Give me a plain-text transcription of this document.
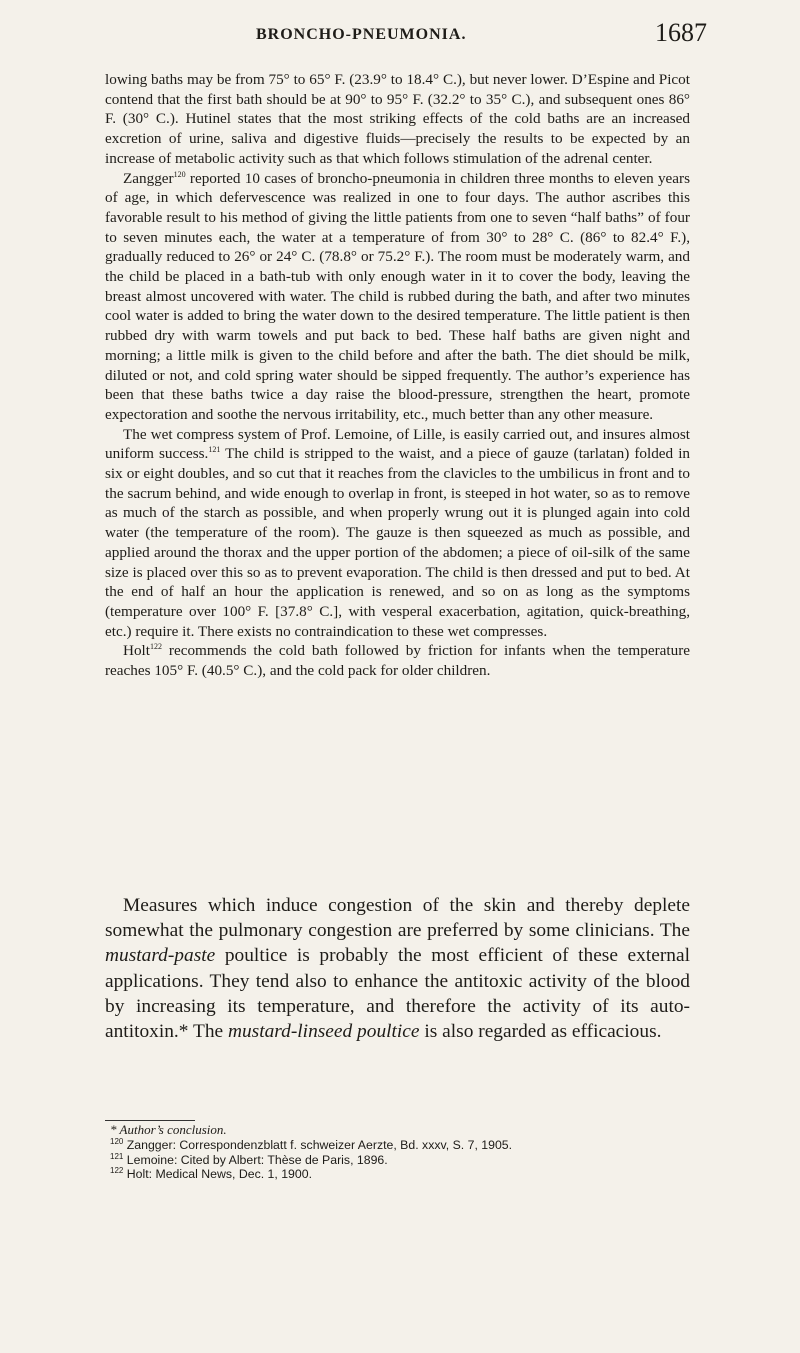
BRONCHO-PNEUMONIA.	1687

lowing baths may be from 75° to 65° F. (23.9° to 18.4° C.), but never lower. D’Espine and Picot contend that the first bath should be at 90° to 95° F. (32.2° to 35° C.), and subsequent ones 86° F. (30° C.). Hutinel states that the most striking effects of the cold baths are an increased excretion of urine, saliva and digestive fluids—precisely the results to be expected by an increase of metabolic activity such as that which follows stimulation of the adrenal center.

Zangger$^{120}$ reported 10 cases of broncho-pneumonia in children three months to eleven years of age, in which defervescence was realized in one to four days. The author ascribes this favorable result to his method of giving the little patients from one to seven “half baths” of four to seven minutes each, the water at a temperature of from 30° to 28° C. (86° to 82.4° F.), gradually reduced to 26° or 24° C. (78.8° or 75.2° F.). The room must be moderately warm, and the child be placed in a bath-tub with only enough water in it to cover the body, leaving the breast almost uncovered with water. The child is rubbed during the bath, and after two minutes cool water is added to bring the water down to the desired temperature. The little patient is then rubbed dry with warm towels and put back to bed. These half baths are given night and morning; a little milk is given to the child before and after the bath. The diet should be milk, diluted or not, and cold spring water should be sipped frequently. The author’s experience has been that these baths twice a day raise the blood-pressure, strengthen the heart, promote expectoration and soothe the nervous irritability, etc., much better than any other measure.

The wet compress system of Prof. Lemoine, of Lille, is easily carried out, and insures almost uniform success.$^{121}$ The child is stripped to the waist, and a piece of gauze (tarlatan) folded in six or eight doubles, and so cut that it reaches from the clavicles to the umbilicus in front and to the sacrum behind, and wide enough to overlap in front, is steeped in hot water, so as to remove as much of the starch as possible, and when properly wrung out it is plunged again into cold water (the temperature of the room). The gauze is then squeezed as much as possible, and applied around the thorax and the upper portion of the abdomen; a piece of oil-silk of the same size is placed over this so as to prevent evaporation. The child is then dressed and put to bed. At the end of half an hour the application is renewed, and so on as long as the symptoms (temperature over 100° F. [37.8° C.], with vesperal exacerbation, agitation, quick-breathing, etc.) require it. There exists no contraindication to these wet compresses.

Holt$^{122}$ recommends the cold bath followed by friction for infants when the temperature reaches 105° F. (40.5° C.), and the cold pack for older children.

Measures which induce congestion of the skin and thereby deplete somewhat the pulmonary congestion are preferred by some clinicians. The mustard-paste poultice is probably the most efficient of these external applications. They tend also to enhance the antitoxic activity of the blood by increasing its temperature, and therefore the activity of its auto-antitoxin.* The mustard-linseed poultice is also regarded as efficacious.

* Author’s conclusion.
$^{120}$ Zangger: Correspondenzblatt f. schweizer Aerzte, Bd. xxxv, S. 7, 1905.
$^{121}$ Lemoine: Cited by Albert: Thèse de Paris, 1896.
$^{122}$ Holt: Medical News, Dec. 1, 1900.
